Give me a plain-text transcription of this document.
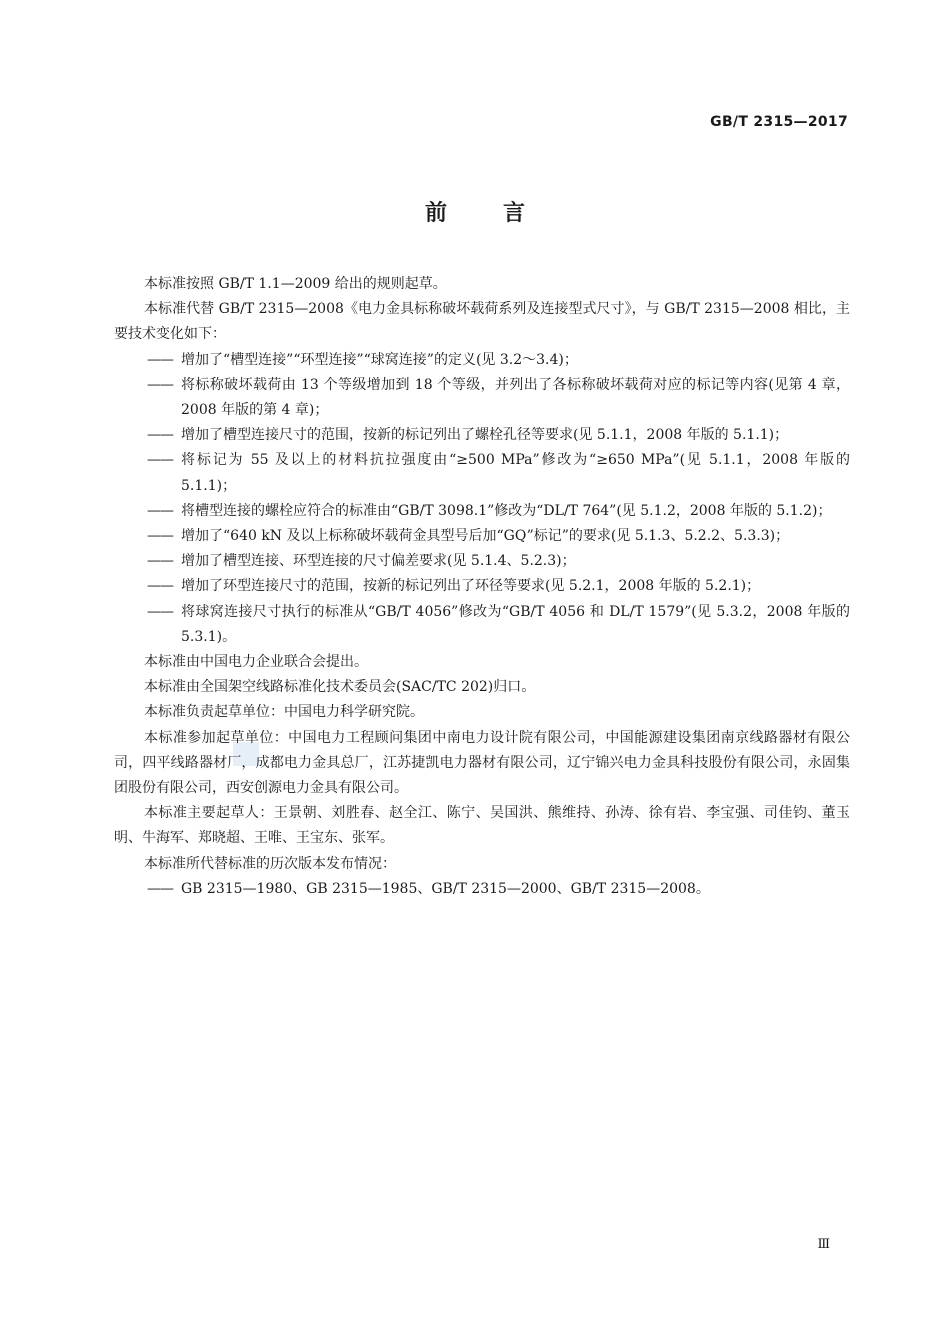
GB/T 2315—2017
前言

本标准按照 GB/T 1.1—2009 给出的规则起草。

本标准代替 GB/T 2315—2008《电力金具标称破坏载荷系列及连接型式尺寸》，与 GB/T 2315—2008 相比，主要技术变化如下：

—— 增加了“槽型连接”“环型连接”“球窝连接”的定义(见 3.2～3.4)；
—— 将标称破坏载荷由 13 个等级增加到 18 个等级，并列出了各标称破坏载荷对应的标记等内容(见第 4 章，2008 年版的第 4 章)；
—— 增加了槽型连接尺寸的范围，按新的标记列出了螺栓孔径等要求(见 5.1.1，2008 年版的 5.1.1)；
—— 将标记为 55 及以上的材料抗拉强度由“≥500 MPa”修改为“≥650 MPa”(见 5.1.1，2008 年版的 5.1.1)；
—— 将槽型连接的螺栓应符合的标准由“GB/T 3098.1”修改为“DL/T 764”(见 5.1.2，2008 年版的 5.1.2)；
—— 增加了“640 kN 及以上标称破坏载荷金具型号后加“GQ”标记”的要求(见 5.1.3、5.2.2、5.3.3)；
—— 增加了槽型连接、环型连接的尺寸偏差要求(见 5.1.4、5.2.3)；
—— 增加了环型连接尺寸的范围，按新的标记列出了环径等要求(见 5.2.1，2008 年版的 5.2.1)；
—— 将球窝连接尺寸执行的标准从“GB/T 4056”修改为“GB/T 4056 和 DL/T 1579”(见 5.3.2，2008 年版的 5.3.1)。

本标准由中国电力企业联合会提出。

本标准由全国架空线路标准化技术委员会(SAC/TC 202)归口。

本标准负责起草单位：中国电力科学研究院。

本标准参加起草单位：中国电力工程顾问集团中南电力设计院有限公司，中国能源建设集团南京线路器材有限公司，四平线路器材厂，成都电力金具总厂，江苏捷凯电力器材有限公司，辽宁锦兴电力金具科技股份有限公司，永固集团股份有限公司，西安创源电力金具有限公司。

本标准主要起草人：王景朝、刘胜春、赵全江、陈宁、吴国洪、熊维持、孙涛、徐有岩、李宝强、司佳钧、董玉明、牛海军、郑晓超、王唯、王宝东、张军。

本标准所代替标准的历次版本发布情况：

—— GB 2315—1980、GB 2315—1985、GB/T 2315—2000、GB/T 2315—2008。
Ⅲ
